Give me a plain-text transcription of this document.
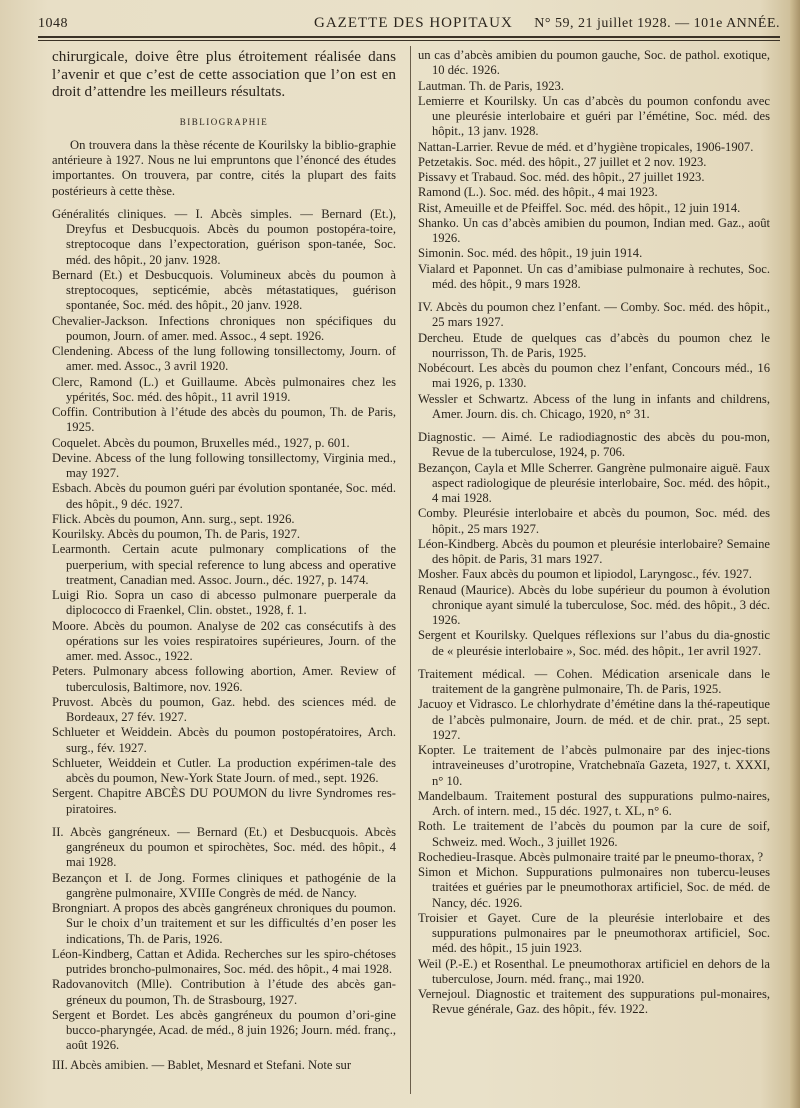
1048	GAZETTE DES HOPITAUX N° 59, 21 juillet 1928. — 101e ANNÉE.

chirurgicale, doive être plus étroitement réalisée dans l’avenir et que c’est de cette association que l’on est en droit d’attendre les meilleurs résultats.

BIBLIOGRAPHIE

On trouvera dans la thèse récente de Kourilsky la biblio-graphie antérieure à 1927. Nous ne lui empruntons que l’énoncé des études importantes. On trouvera, par contre, cités la plupart des faits postérieurs à cette thèse.

Généralités cliniques. — I. Abcès simples. — Bernard (Et.), Dreyfus et Desbucquois. Abcès du poumon postopéra-toire, streptocoque dans l’expectoration, guérison spon-tanée, Soc. méd. des hôpit., 20 janv. 1928.

Bernard (Et.) et Desbucquois. Volumineux abcès du poumon à streptocoques, septicémie, abcès métastatiques, guérison spontanée, Soc. méd. des hôpit., 20 janv. 1928.

Chevalier-Jackson. Infections chroniques non spécifiques du poumon, Journ. of amer. med. Assoc., 4 sept. 1926.

Clendening. Abcess of the lung following tonsillectomy, Journ. of amer. med. Assoc., 3 avril 1920.

Clerc, Ramond (L.) et Guillaume. Abcès pulmonaires chez les ypérités, Soc. méd. des hôpit., 11 avril 1919.

Coffin. Contribution à l’étude des abcès du poumon, Th. de Paris, 1925.

Coquelet. Abcès du poumon, Bruxelles méd., 1927, p. 601.

Devine. Abcess of the lung following tonsillectomy, Virginia med., may 1927.

Esbach. Abcès du poumon guéri par évolution spontanée, Soc. méd. des hôpit., 9 déc. 1927.

Flick. Abcès du poumon, Ann. surg., sept. 1926.

Kourilsky. Abcès du poumon, Th. de Paris, 1927.

Learmonth. Certain acute pulmonary complications of the puerperium, with special reference to lung abcess and operative treatment, Canadian med. Assoc. Journ., déc. 1927, p. 1474.

Luigi Rio. Sopra un caso di abcesso pulmonare puerperale da diplococco di Fraenkel, Clin. obstet., 1928, f. 1.

Moore. Abcès du poumon. Analyse de 202 cas consécutifs à des opérations sur les voies respiratoires supérieures, Journ. of the amer. med. Assoc., 1922.

Peters. Pulmonary abcess following abortion, Amer. Review of tuberculosis, Baltimore, nov. 1926.

Pruvost. Abcès du poumon, Gaz. hebd. des sciences méd. de Bordeaux, 27 fév. 1927.

Schlueter et Weiddein. Abcès du poumon postopératoires, Arch. surg., fév. 1927.

Schlueter, Weiddein et Cutler. La production expérimen-tale des abcès du poumon, New-York State Journ. of med., sept. 1926.

Sergent. Chapitre ABCÈS DU POUMON du livre Syndromes res-piratoires.

II. Abcès gangréneux. — Bernard (Et.) et Desbucquois. Abcès gangréneux du poumon et spirochètes, Soc. méd. des hôpit., 4 mai 1928.

Bezançon et I. de Jong. Formes cliniques et pathogénie de la gangrène pulmonaire, XVIIIe Congrès de méd. de Nancy.

Brongniart. A propos des abcès gangréneux chroniques du poumon. Sur le choix d’un traitement et sur les difficultés d’en poser les indications, Th. de Paris, 1926.

Léon-Kindberg, Cattan et Adida. Recherches sur les spiro-chétoses putrides broncho-pulmonaires, Soc. méd. des hôpit., 4 mai 1928.

Radovanovitch (Mlle). Contribution à l’étude des abcès gan-gréneux du poumon, Th. de Strasbourg, 1927.

Sergent et Bordet. Les abcès gangréneux du poumon d’ori-gine bucco-pharyngée, Acad. de méd., 8 juin 1926; Journ. méd. franç., août 1926.

III. Abcès amibien. — Bablet, Mesnard et Stefani. Note sur

un cas d’abcès amibien du poumon gauche, Soc. de pathol. exotique, 10 déc. 1926.

Lautman. Th. de Paris, 1923.

Lemierre et Kourilsky. Un cas d’abcès du poumon confondu avec une pleurésie interlobaire et guéri par l’émétine, Soc. méd. des hôpit., 13 janv. 1928.

Nattan-Larrier. Revue de méd. et d’hygiène tropicales, 1906-1907.

Petzetakis. Soc. méd. des hôpit., 27 juillet et 2 nov. 1923.

Pissavy et Trabaud. Soc. méd. des hôpit., 27 juillet 1923.

Ramond (L.). Soc. méd. des hôpit., 4 mai 1923.

Rist, Ameuille et de Pfeiffel. Soc. méd. des hôpit., 12 juin 1914.

Shanko. Un cas d’abcès amibien du poumon, Indian med. Gaz., août 1926.

Simonin. Soc. méd. des hôpit., 19 juin 1914.

Vialard et Paponnet. Un cas d’amibiase pulmonaire à rechutes, Soc. méd. des hôpit., 9 mars 1928.

IV. Abcès du poumon chez l’enfant. — Comby. Soc. méd. des hôpit., 25 mars 1927.

Dercheu. Etude de quelques cas d’abcès du poumon chez le nourrisson, Th. de Paris, 1925.

Nobécourt. Les abcès du poumon chez l’enfant, Concours méd., 16 mai 1926, p. 1330.

Wessler et Schwartz. Abcess of the lung in infants and childrens, Amer. Journ. dis. ch. Chicago, 1920, n° 31.

Diagnostic. — Aimé. Le radiodiagnostic des abcès du pou-mon, Revue de la tuberculose, 1924, p. 706.

Bezançon, Cayla et Mlle Scherrer. Gangrène pulmonaire aiguë. Faux aspect radiologique de pleurésie interlobaire, Soc. méd. des hôpit., 4 mai 1928.

Comby. Pleurésie interlobaire et abcès du poumon, Soc. méd. des hôpit., 25 mars 1927.

Léon-Kindberg. Abcès du poumon et pleurésie interlobaire? Semaine des hôpit. de Paris, 31 mars 1927.

Mosher. Faux abcès du poumon et lipiodol, Laryngosc., fév. 1927.

Renaud (Maurice). Abcès du lobe supérieur du poumon à évolution chronique ayant simulé la tuberculose, Soc. méd. des hôpit., 3 déc. 1926.

Sergent et Kourilsky. Quelques réflexions sur l’abus du dia-gnostic de « pleurésie interlobaire », Soc. méd. des hôpit., 1er avril 1927.

Traitement médical. — Cohen. Médication arsenicale dans le traitement de la gangrène pulmonaire, Th. de Paris, 1925.

Jacuoy et Vidrasco. Le chlorhydrate d’émétine dans la thé-rapeutique de l’abcès pulmonaire, Journ. de méd. et de chir. prat., 25 sept. 1927.

Kopter. Le traitement de l’abcès pulmonaire par des injec-tions intraveineuses d’urotropine, Vratchebnaïa Gazeta, 1927, t. XXXI, n° 10.

Mandelbaum. Traitement postural des suppurations pulmo-naires, Arch. of intern. med., 15 déc. 1927, t. XL, n° 6.

Roth. Le traitement de l’abcès du poumon par la cure de soif, Schweiz. med. Woch., 3 juillet 1926.

Rochedieu-Irasque. Abcès pulmonaire traité par le pneumo-thorax, ?

Simon et Michon. Suppurations pulmonaires non tubercu-leuses traitées et guéries par le pneumothorax artificiel, Soc. de méd. de Nancy, déc. 1926.

Troisier et Gayet. Cure de la pleurésie interlobaire et des suppurations pulmonaires par le pneumothorax artificiel, Soc. méd. des hôpit., 15 juin 1923.

Weil (P.-E.) et Rosenthal. Le pneumothorax artificiel en dehors de la tuberculose, Journ. méd. franç., mai 1920.

Vernejoul. Diagnostic et traitement des suppurations pul-monaires, Revue générale, Gaz. des hôpit., fév. 1922.
